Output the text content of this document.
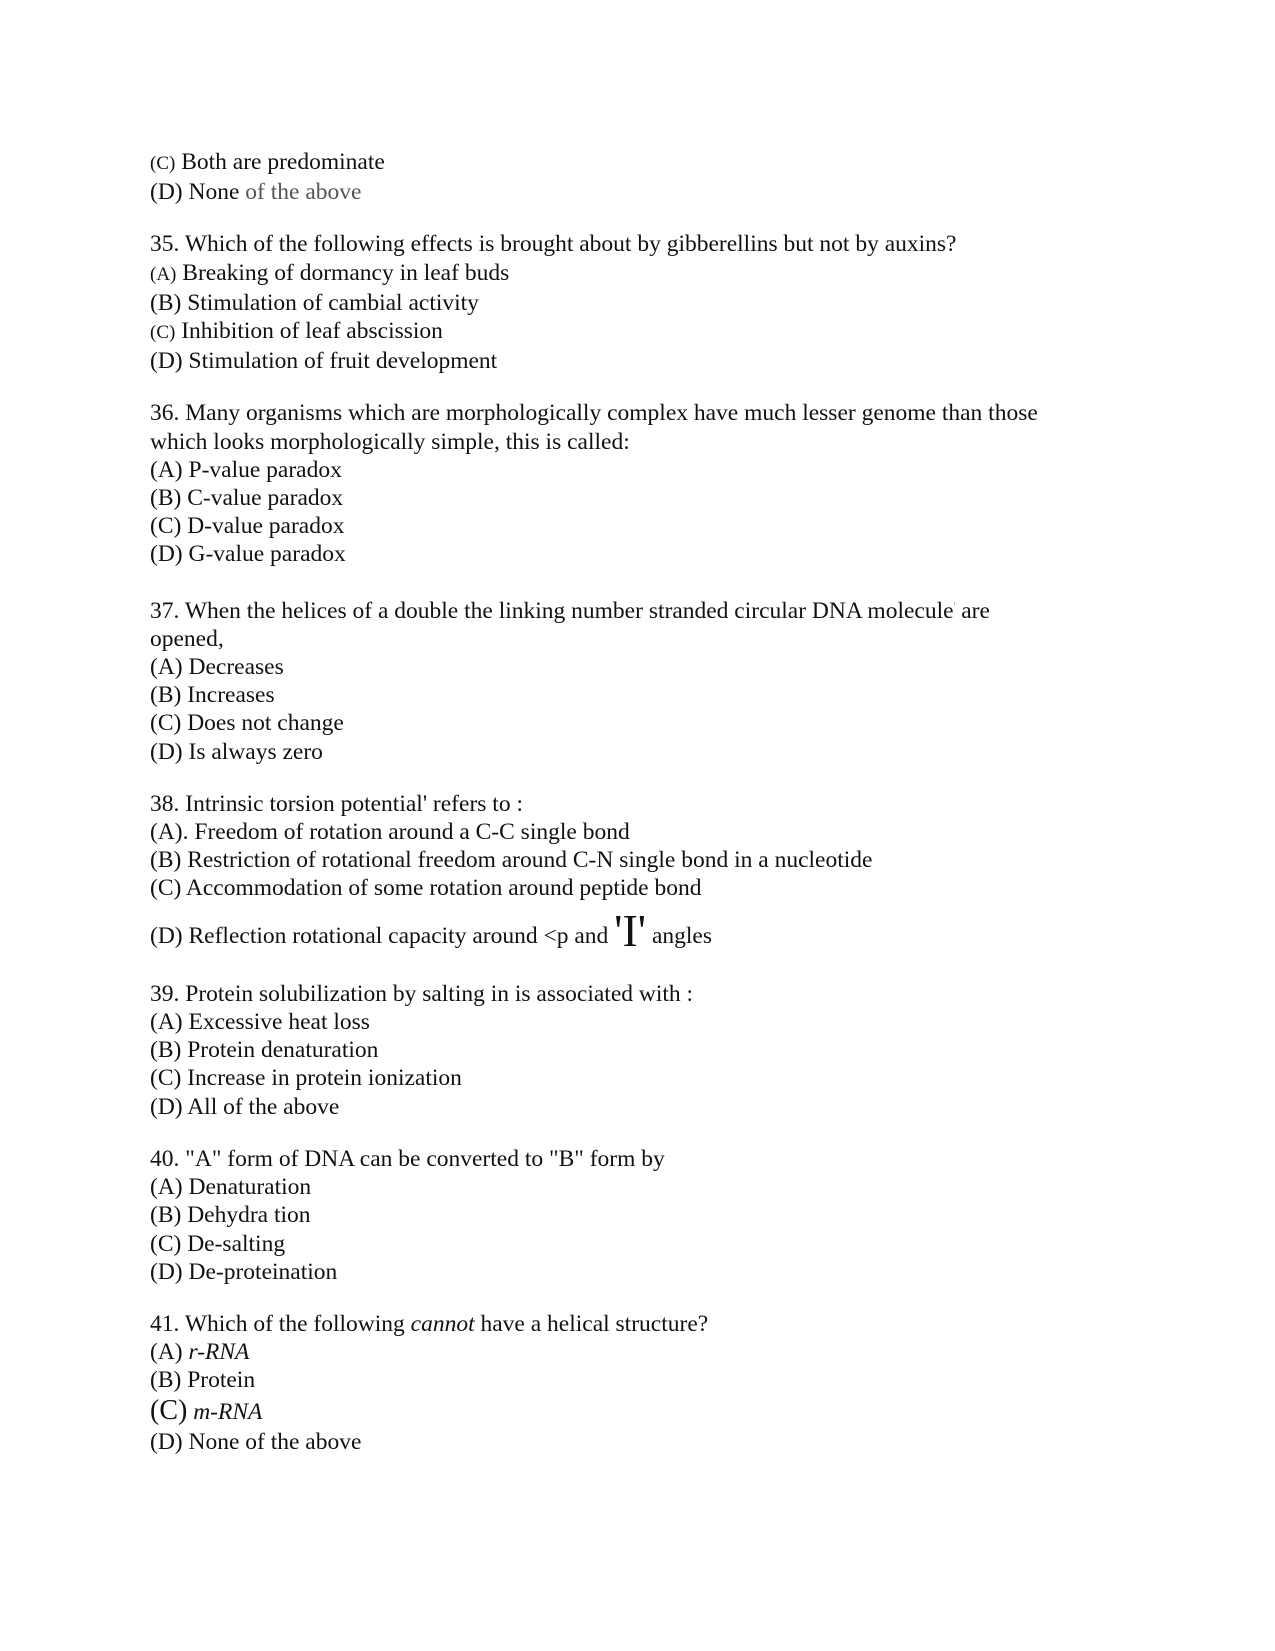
(C) Both are predominate
(D) None of the above
35. Which of the following effects is brought about by gibberellins but not by auxins?
(A) Breaking of dormancy in leaf buds
(B) Stimulation of cambial activity
(C) Inhibition of leaf abscission
(D) Stimulation of fruit development
36. Many organisms which are morphologically complex have much lesser genome than those
which looks morphologically simple, this is called:
(A) P-value paradox
(B) C-value paradox
(C) D-value paradox
(D) G-value paradox
37. When the helices of a double the linking number stranded circular DNA molecule' are
opened,
(A) Decreases
(B) Increases
(C) Does not change
(D) Is always zero
38. Intrinsic torsion potential' refers to :
(A). Freedom of rotation around a C-C single bond
(B) Restriction of rotational freedom around C-N single bond in a nucleotide
(C) Accommodation of some rotation around peptide bond
(D) Reflection rotational capacity around <p and 'I' angles
39. Protein solubilization by salting in is associated with :
(A) Excessive heat loss
(B) Protein denaturation
(C) Increase in protein ionization
(D) All of the above
40. "A" form of DNA can be converted to "B" form by
(A) Denaturation
(B) Dehydra tion
(C) De-salting
(D) De-proteination
41. Which of the following cannot have a helical structure?
(A) r-RNA
(B) Protein
(C) m-RNA
(D) None of the above
